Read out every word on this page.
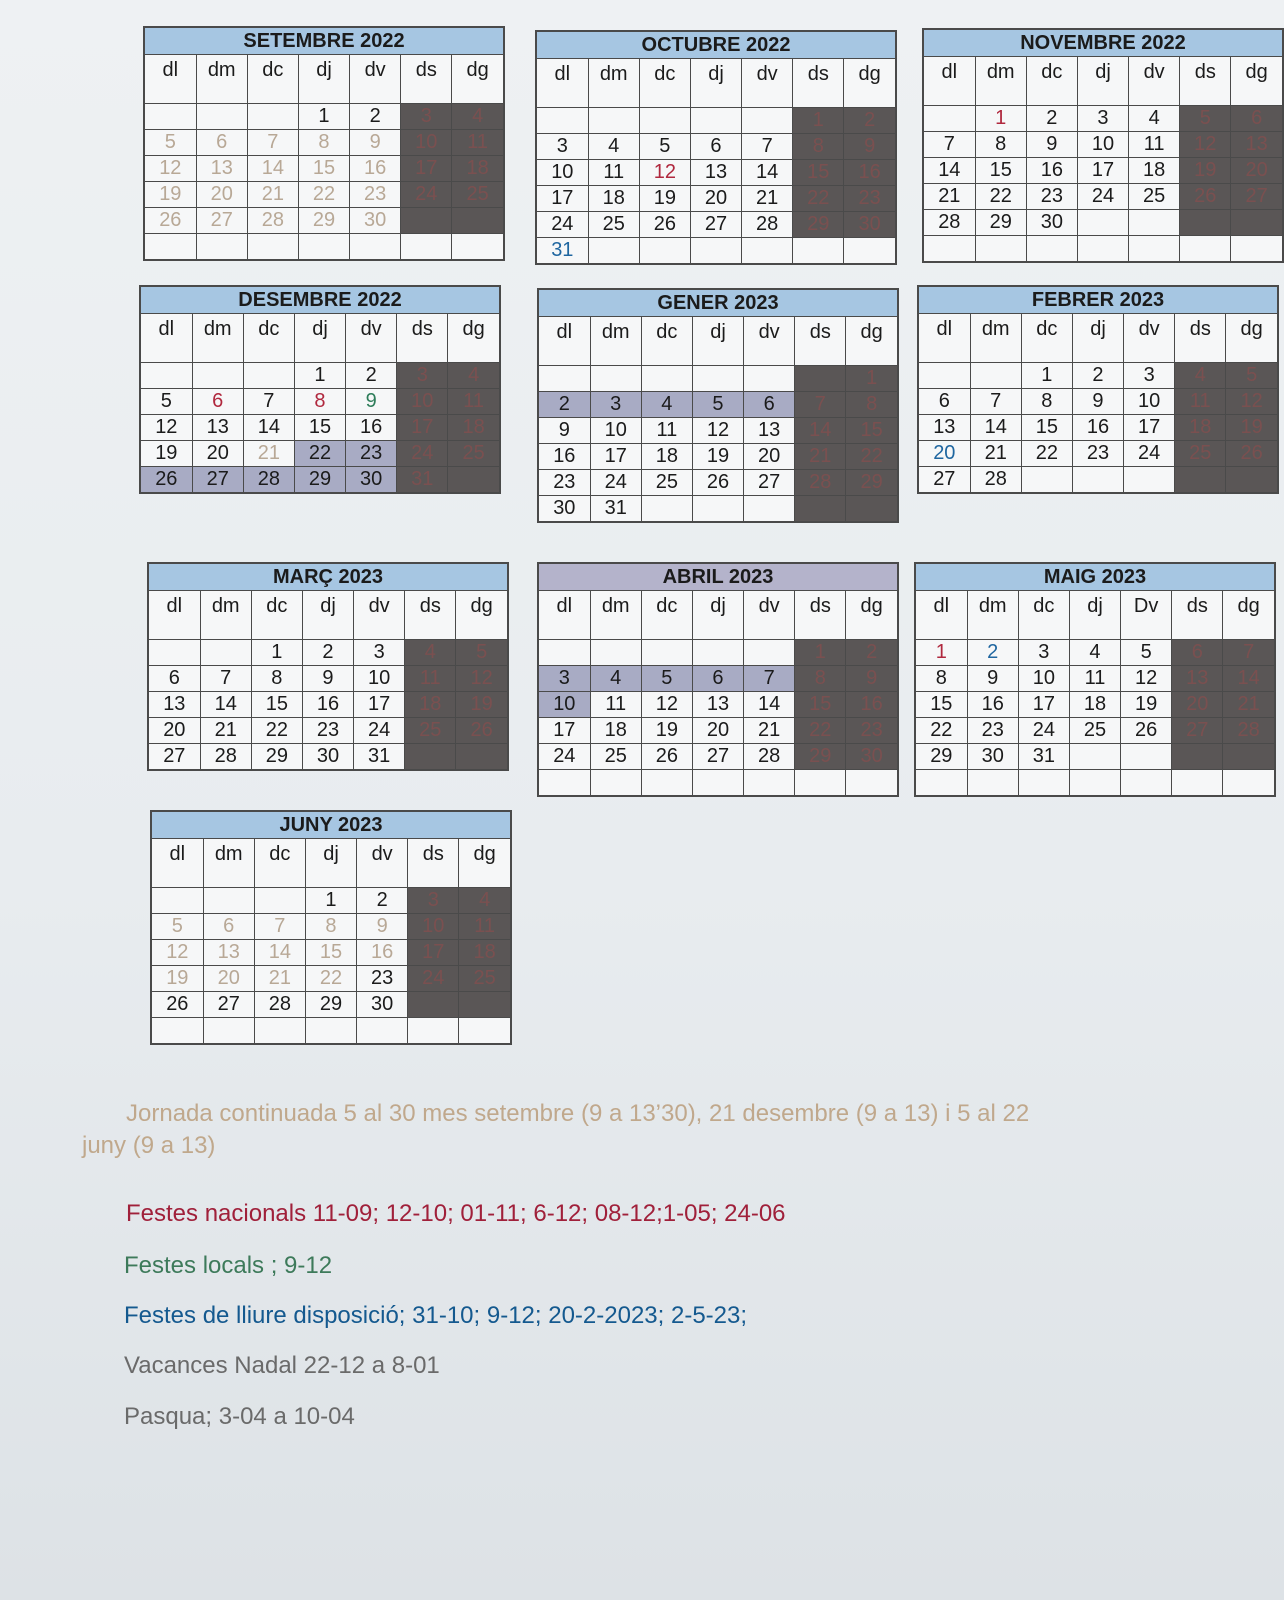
SETEMBRE 2022
dl	dm	dc	dj	dv	ds	dg
			1	2	3	4
5	6	7	8	9	10	11
12	13	14	15	16	17	18
19	20	21	22	23	24	25
26	27	28	29	30		

OCTUBRE 2022
dl	dm	dc	dj	dv	ds	dg
					1	2
3	4	5	6	7	8	9
10	11	12	13	14	15	16
17	18	19	20	21	22	23
24	25	26	27	28	29	30
31						
NOVEMBRE 2022
dl	dm	dc	dj	dv	ds	dg
	1	2	3	4	5	6
7	8	9	10	11	12	13
14	15	16	17	18	19	20
21	22	23	24	25	26	27
28	29	30				

DESEMBRE 2022
dl	dm	dc	dj	dv	ds	dg
			1	2	3	4
5	6	7	8	9	10	11
12	13	14	15	16	17	18
19	20	21	22	23	24	25
26	27	28	29	30	31	
GENER 2023
dl	dm	dc	dj	dv	ds	dg
						1
2	3	4	5	6	7	8
9	10	11	12	13	14	15
16	17	18	19	20	21	22
23	24	25	26	27	28	29
30	31					
FEBRER 2023
dl	dm	dc	dj	dv	ds	dg
		1	2	3	4	5
6	7	8	9	10	11	12
13	14	15	16	17	18	19
20	21	22	23	24	25	26
27	28					
MARÇ 2023
dl	dm	dc	dj	dv	ds	dg
		1	2	3	4	5
6	7	8	9	10	11	12
13	14	15	16	17	18	19
20	21	22	23	24	25	26
27	28	29	30	31		
ABRIL 2023
dl	dm	dc	dj	dv	ds	dg
					1	2
3	4	5	6	7	8	9
10	11	12	13	14	15	16
17	18	19	20	21	22	23
24	25	26	27	28	29	30

MAIG 2023
dl	dm	dc	dj	Dv	ds	dg
1	2	3	4	5	6	7
8	9	10	11	12	13	14
15	16	17	18	19	20	21
22	23	24	25	26	27	28
29	30	31				

JUNY 2023
dl	dm	dc	dj	dv	ds	dg
			1	2	3	4
5	6	7	8	9	10	11
12	13	14	15	16	17	18
19	20	21	22	23	24	25
26	27	28	29	30		

Jornada continuada 5 al 30 mes setembre (9 a 13’30), 21 desembre (9 a 13) i 5 al 22
juny (9 a 13)
Festes nacionals 11-09; 12-10; 01-11; 6-12; 08-12;1-05; 24-06
Festes locals ; 9-12
Festes de lliure disposició; 31-10; 9-12; 20-2-2023; 2-5-23;
Vacances Nadal 22-12 a 8-01
Pasqua; 3-04 a 10-04
